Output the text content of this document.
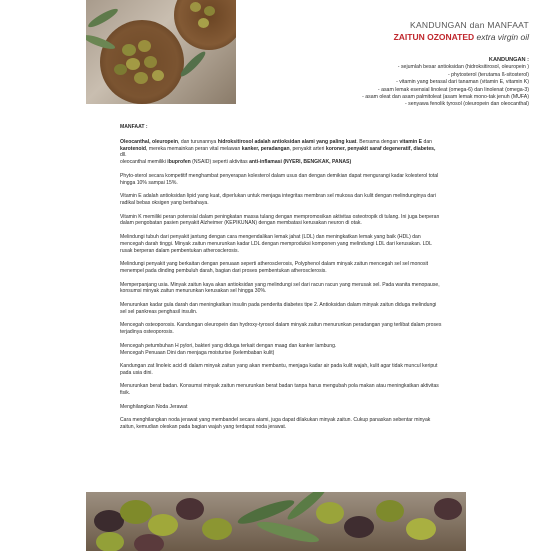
KANDUNGAN dan MANFAAT
ZAITUN OZONATED extra virgin oil
KANDUNGAN :
- sejumlah besar antioksidan (hidroksitirosol, oleuropein )
- phytosterol (terutama ß-sitosterol)
- vitamin yang berasal dari tanaman (vitamin E, vitamin K)
- asam lemak esensial linoleat (omega-6) dan linolenat (omega-3)
- asam oleat dan asam palmitoleat (asam lemak mono-tak jenuh (MUFA)
- senyawa fenolik tyrosol (oleuropein dan oleocanthal)

MANFAAT :

Oleocanthal, oleuropein, dan turunannya hidroksitirosol adalah antioksidan alami yang paling kuat. Bersama dengan vitamin E dan karotenoid, mereka memainkan peran vital melawan kanker, peradangan, penyakit arteri koroner, penyakit saraf degeneratif, diabetes, dll.
oleocanthal memiliki ibuprofen (NSAID) seperti aktivitas anti-inflamasi (NYERI, BENGKAK, PANAS)

Phyto-sterol secara kompetitif menghambat penyerapan kolesterol dalam usus dan dengan demikian dapat mengurangi kadar kolesterol total hingga 10% sampai 15%.

Vitamin E adalah antioksidan lipid yang kuat, diperlukan untuk menjaga integritas membran sel mukosa dan kulit dengan melindunginya dari radikal bebas oksigen yang berbahaya.

Vitamin K memiliki peran potensial dalam peningkatan massa tulang dengan mempromosikan aktivitas osteotropik di tulang. Ini juga berperan dalam pengobatan pasien penyakit Alzheimer (KEPIKUNAN) dengan membatasi kerusakan neuron di otak.

Melindungi tubuh dari penyakit jantung dengan cara mengendalikan lemak jahat (LDL) dan meningkatkan lemak yang baik (HDL) dan mencegah darah tinggi. Minyak zaitun menurunkan kadar LDL dengan memproduksi komponen yang melindungi LDL dari kerusakan. LDL rusak berperan dalam pembentukan atherosclerosis.

Melindungi penyakit yang berkaitan dengan penuaan seperti atherosclerosis, Polyphenol dalam minyak zaitun mencegah sel sel monosit menempel pada dinding pembuluh darah, bagian dari proses pembentukan atherosclerosis.

Memperpanjang usia. Minyak zaitun kaya akan antioksidan yang melindungi sel dari racun racun yang merusak sel. Pada wanita menopause, konsumsi minyak zaitun menurunkan kerusakan sel hingga 30%.

Menurunkan kadar gula darah dan meningkatkan insulin pada penderita diabetes tipe 2. Antioksidan dalam minyak zaitun diduga melindungi sel sel pankreas penghasil insulin.

Mencegah osteoporosis. Kandungan oleuropein dan hydroxy-tyrosol dalam minyak zaitun menurunkan peradangan yang terlibat dalam proses terjadinya osteoporosis.

Mencegah petumbuhan H pylori, bakteri yang diduga terkait dengan maag dan kanker lambung.
Mencegah Penuaan Dini dan menjaga moisturise (kelembaban kulit)

Kandungan zat linoleic acid di dalam minyak zaitun yang akan membantu, menjaga kadar air pada kulit wajah, kulit agar tidak muncul keriput pada usia dini.

Menurunkan berat badan. Konsumsi minyak zaitun menurunkan berat badan tanpa harus mengubah pola makan atau meningkatkan aktivitas fisik.

Menghilangkan Noda Jerawat

Cara menghilangkan noda jerawat yang membandel secara alami, juga dapat dilakukan minyak zaitun. Cukup panaskan sebentar minyak zaitun, kemudian oleskan pada bagian wajah yang terdapat noda jerawat.
